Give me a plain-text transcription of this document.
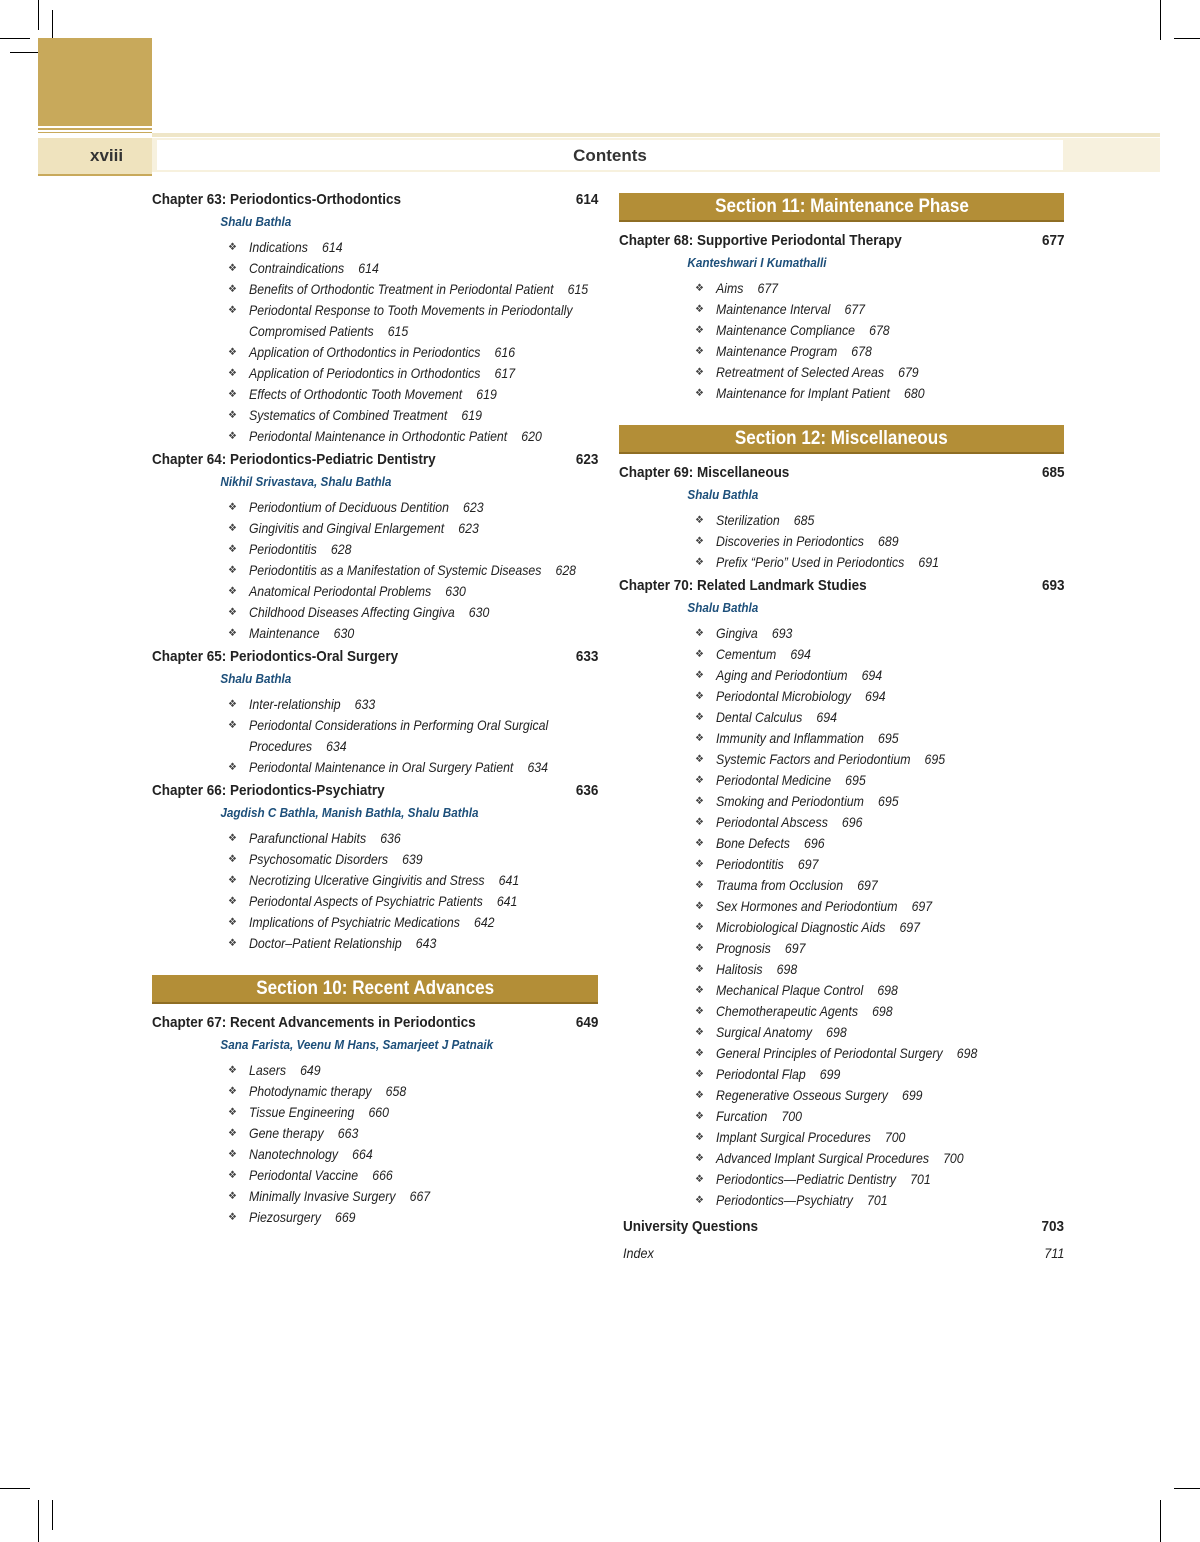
xviii	Contents
Chapter 63: Periodontics-Orthodontics	614
Shalu Bathla
❖ Indications 614
❖ Contraindications 614
❖ Benefits of Orthodontic Treatment in Periodontal Patient 615
❖ Periodontal Response to Tooth Movements in Periodontally
Compromised Patients 615
❖ Application of Orthodontics in Periodontics 616
❖ Application of Periodontics in Orthodontics 617
❖ Effects of Orthodontic Tooth Movement 619
❖ Systematics of Combined Treatment 619
❖ Periodontal Maintenance in Orthodontic Patient 620
Chapter 64: Periodontics-Pediatric Dentistry	623
Nikhil Srivastava, Shalu Bathla
❖ Periodontium of Deciduous Dentition 623
❖ Gingivitis and Gingival Enlargement 623
❖ Periodontitis 628
❖ Periodontitis as a Manifestation of Systemic Diseases 628
❖ Anatomical Periodontal Problems 630
❖ Childhood Diseases Affecting Gingiva 630
❖ Maintenance 630
Chapter 65: Periodontics-Oral Surgery	633
Shalu Bathla
❖ Inter-relationship 633
❖ Periodontal Considerations in Performing Oral Surgical
Procedures 634
❖ Periodontal Maintenance in Oral Surgery Patient 634
Chapter 66: Periodontics-Psychiatry	636
Jagdish C Bathla, Manish Bathla, Shalu Bathla
❖ Parafunctional Habits 636
❖ Psychosomatic Disorders 639
❖ Necrotizing Ulcerative Gingivitis and Stress 641
❖ Periodontal Aspects of Psychiatric Patients 641
❖ Implications of Psychiatric Medications 642
❖ Doctor–Patient Relationship 643
Section 10: Recent Advances
Chapter 67: Recent Advancements in Periodontics	649
Sana Farista, Veenu M Hans, Samarjeet J Patnaik
❖ Lasers 649
❖ Photodynamic therapy 658
❖ Tissue Engineering 660
❖ Gene therapy 663
❖ Nanotechnology 664
❖ Periodontal Vaccine 666
❖ Minimally Invasive Surgery 667
❖ Piezosurgery 669
Section 11: Maintenance Phase
Chapter 68: Supportive Periodontal Therapy	677
Kanteshwari I Kumathalli
❖ Aims 677
❖ Maintenance Interval 677
❖ Maintenance Compliance 678
❖ Maintenance Program 678
❖ Retreatment of Selected Areas 679
❖ Maintenance for Implant Patient 680
Section 12: Miscellaneous
Chapter 69: Miscellaneous	685
Shalu Bathla
❖ Sterilization 685
❖ Discoveries in Periodontics 689
❖ Prefix “Perio” Used in Periodontics 691
Chapter 70: Related Landmark Studies	693
Shalu Bathla
❖ Gingiva 693
❖ Cementum 694
❖ Aging and Periodontium 694
❖ Periodontal Microbiology 694
❖ Dental Calculus 694
❖ Immunity and Inflammation 695
❖ Systemic Factors and Periodontium 695
❖ Periodontal Medicine 695
❖ Smoking and Periodontium 695
❖ Periodontal Abscess 696
❖ Bone Defects 696
❖ Periodontitis 697
❖ Trauma from Occlusion 697
❖ Sex Hormones and Periodontium 697
❖ Microbiological Diagnostic Aids 697
❖ Prognosis 697
❖ Halitosis 698
❖ Mechanical Plaque Control 698
❖ Chemotherapeutic Agents 698
❖ Surgical Anatomy 698
❖ General Principles of Periodontal Surgery 698
❖ Periodontal Flap 699
❖ Regenerative Osseous Surgery 699
❖ Furcation 700
❖ Implant Surgical Procedures 700
❖ Advanced Implant Surgical Procedures 700
❖ Periodontics—Pediatric Dentistry 701
❖ Periodontics—Psychiatry 701
University Questions	703
Index	711
